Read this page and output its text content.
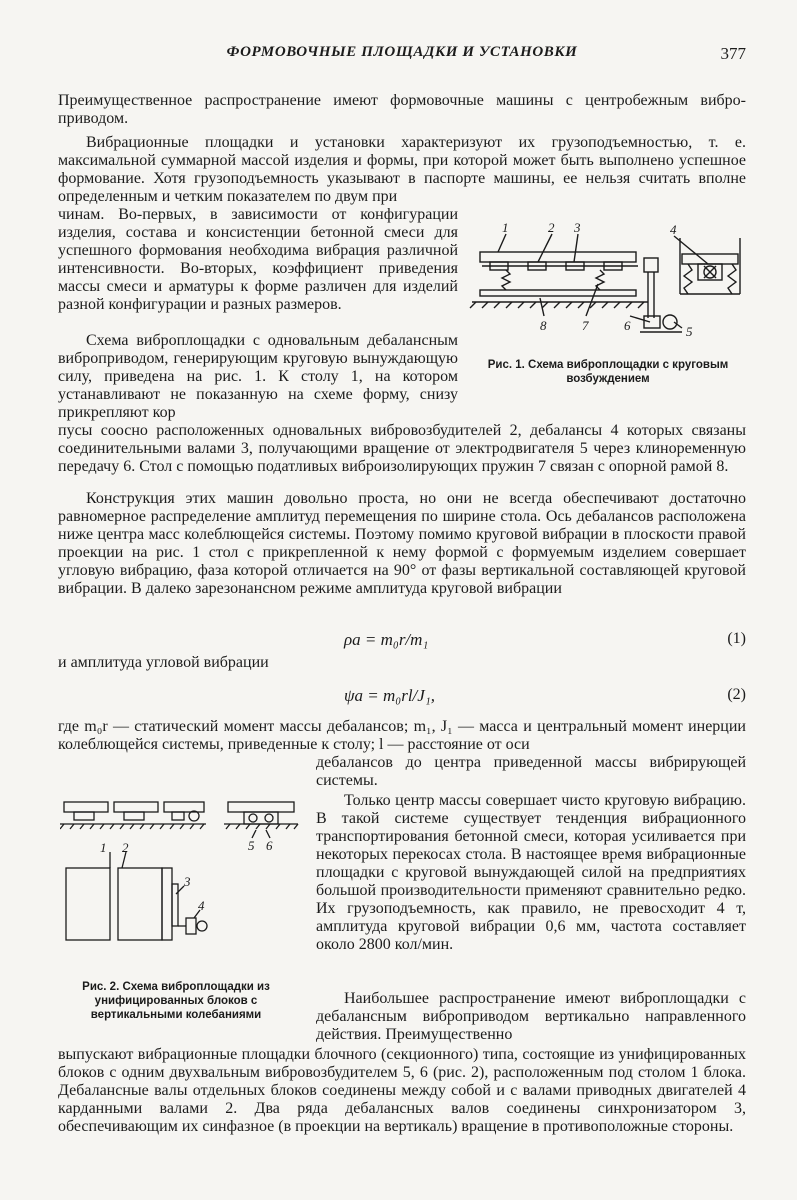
ФОРМОВОЧНЫЕ ПЛОЩАДКИ И УСТАНОВКИ	377

Преимущественное распространение имеют формовочные машины с центробежным виброприводом.

Вибрационные площадки и установки характеризуют их грузоподъемностью, т. е. максимальной суммарной массой изделия и формы, при которой может быть выполнено успешное формование. Хотя грузоподъемность указывают в паспорте машины, ее нельзя считать вполне определенным и четким показателем по двум при

чинам. Во-первых, в зависимости от конфигурации изделия, состава и консистенции бетонной смеси для успешного формования необходима вибрация различной интенсивности. Во-вторых, коэффициент приведения массы смеси и арматуры к форме различен для изделий разной конфигурации и разных размеров.

Схема виброплощадки с одновальным дебалансным виброприводом, генерирующим круговую вынуждающую силу, приведена на рис. 1. К столу 1, на котором устанавливают не показанную на схеме форму, снизу прикрепляют кор

1	2 3	4
8	7	6	5
Рис. 1. Схема виброплощадки с круговым возбуждением

пусы соосно расположенных одновальных вибровозбудителей 2, дебалансы 4 которых связаны соединительными валами 3, получающими вращение от электродвигателя 5 через клиноременную передачу 6. Стол с помощью податливых виброизолирующих пружин 7 связан с опорной рамой 8.

Конструкция этих машин довольно проста, но они не всегда обеспечивают достаточно равномерное распределение амплитуд перемещения по ширине стола. Ось дебалансов расположена ниже центра масс колеблющейся системы. Поэтому помимо круговой вибрации в плоскости правой проекции на рис. 1 стол с прикрепленной к нему формой с формуемым изделием совершает угловую вибрацию, фаза которой отличается на 90° от фазы вертикальной составляющей круговой вибрации. В далеко зарезонансном режиме амплитуда круговой вибрации

ρa = m₀r/m₁	(1)

и амплитуда угловой вибрации

ψa = m₀rl/J₁,	(2)

где m₀r — статический момент массы дебалансов; m₁, J₁ — масса и центральный момент инерции колеблющейся системы, приведенные к столу; l — расстояние от оси

дебалансов до центра приведенной массы вибрирующей системы.

Только центр массы совершает чисто круговую вибрацию. В такой системе существует тенденция вибрационного транспортирования бетонной смеси, которая усиливается при некоторых перекосах стола. В настоящее время вибрационные площадки с круговой вынуждающей силой на предприятиях большой производительности применяют сравнительно редко. Их грузоподъемность, как правило, не превосходит 4 т, амплитуда круговой вибрации 0,6 мм, частота составляет около 2800 кол/мин.

Наибольшее распространение имеют виброплощадки с дебалансным виброприводом вертикально направленного действия. Преимущественно

1 2
3
4
5 6
Рис. 2. Схема виброплощадки из унифицированных блоков с вертикальными колебаниями

выпускают вибрационные площадки блочного (секционного) типа, состоящие из унифицированных блоков с одним двухвальным вибровозбудителем 5, 6 (рис. 2), расположенным под столом 1 блока. Дебалансные валы отдельных блоков соединены между собой и с валами приводных двигателей 4 карданными валами 2. Два ряда дебалансных валов соединены синхронизатором 3, обеспечивающим их синфазное (в проекции на вертикаль) вращение в противоположные стороны.
